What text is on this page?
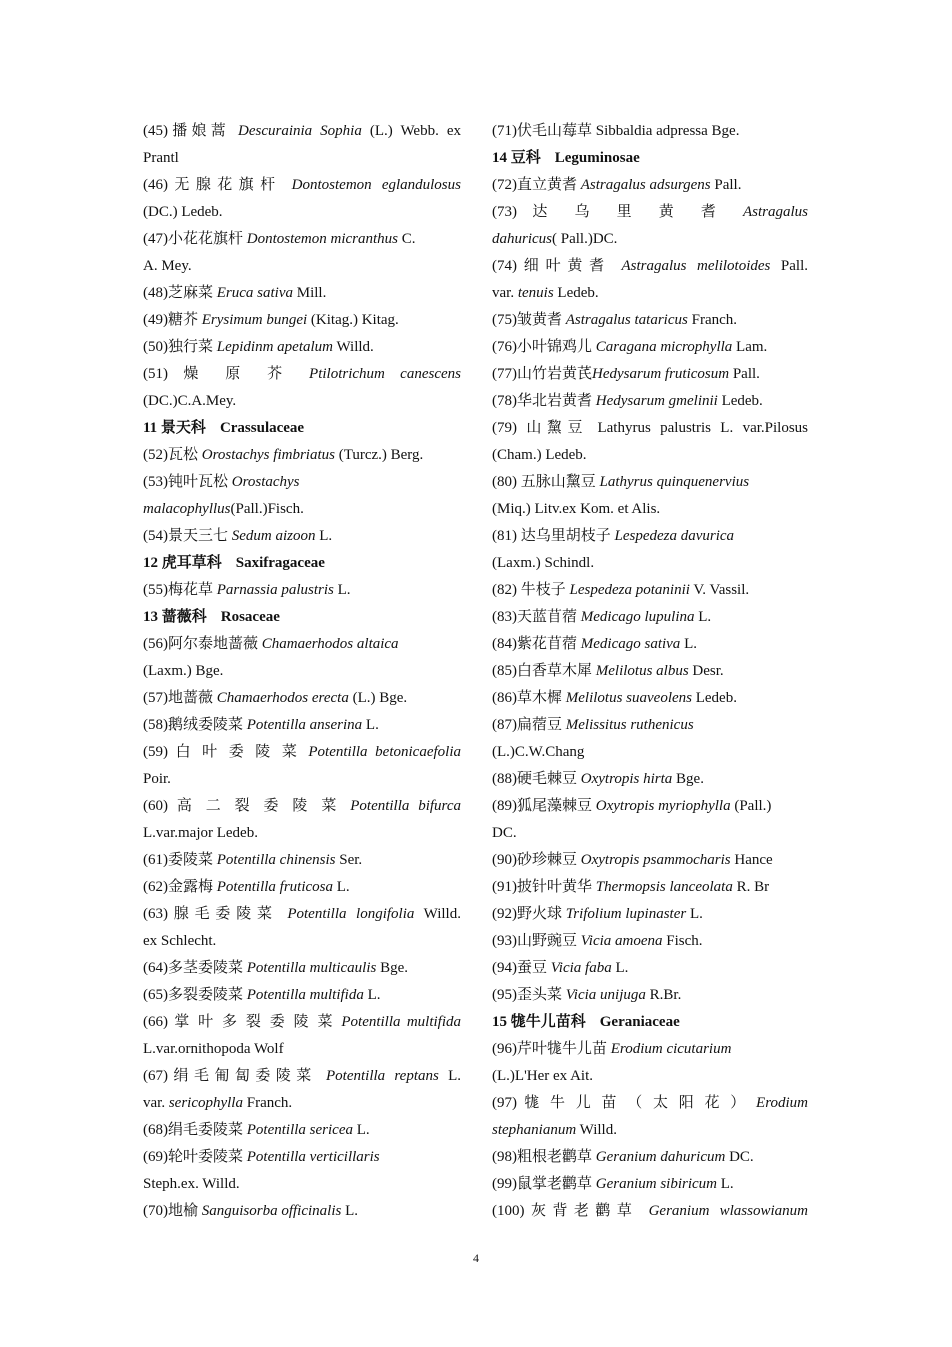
(45)播娘蒿 Descurainia Sophia (L.) Webb. ex
Prantl
(46)无腺花旗杆 Dontostemon eglandulosus
(DC.) Ledeb.
(47)小花花旗杆 Dontostemon micranthus C.
A. Mey.
(48)芝麻菜 Eruca sativa Mill.
(49)糖芥 Erysimum bungei (Kitag.) Kitag.
(50)独行菜 Lepidinm apetalum Willd.
(51) 燥 原 芥 Ptilotrichum canescens
(DC.)C.A.Mey.
11 景天科 Crassulaceae
(52)瓦松 Orostachys fimbriatus (Turcz.) Berg.
(53)钝叶瓦松 Orostachys
malacophyllus(Pall.)Fisch.
(54)景天三七 Sedum aizoon L.
12 虎耳草科 Saxifragaceae
(55)梅花草 Parnassia palustris L.
13 蔷薇科 Rosaceae
(56)阿尔泰地蔷薇 Chamaerhodos altaica
(Laxm.) Bge.
(57)地蔷薇 Chamaerhodos erecta (L.) Bge.
(58)鹅绒委陵菜 Potentilla anserina L.
(59) 白 叶 委 陵 菜 Potentilla betonicaefolia
Poir.
(60) 高 二 裂 委 陵 菜 Potentilla bifurca
L.var.major Ledeb.
(61)委陵菜 Potentilla chinensis Ser.
(62)金露梅 Potentilla fruticosa L.
(63)腺毛委陵菜 Potentilla longifolia Willd.
ex Schlecht.
(64)多茎委陵菜 Potentilla multicaulis Bge.
(65)多裂委陵菜 Potentilla multifida L.
(66) 掌 叶 多 裂 委 陵 菜 Potentilla multifida
L.var.ornithopoda Wolf
(67)绢毛匍匐委陵菜 Potentilla reptans L.
var. sericophylla Franch.
(68)绢毛委陵菜 Potentilla sericea L.
(69)轮叶委陵菜 Potentilla verticillaris
Steph.ex. Willd.
(70)地榆 Sanguisorba officinalis L.
(71)伏毛山莓草 Sibbaldia adpressa Bge.
14 豆科 Leguminosae
(72)直立黄耆 Astragalus adsurgens Pall.
(73) 达 乌 里 黄 耆 Astragalus
dahuricus( Pall.)DC.
(74)细叶黄耆 Astragalus melilotoides Pall.
var. tenuis Ledeb.
(75)皱黄耆 Astragalus tataricus Franch.
(76)小叶锦鸡儿 Caragana microphylla Lam.
(77)山竹岩黄芪Hedysarum fruticosum Pall.
(78)华北岩黄耆 Hedysarum gmelinii Ledeb.
(79) 山黧豆 Lathyrus palustris L. var.Pilosus
(Cham.) Ledeb.
(80) 五脉山黧豆 Lathyrus quinquenervius
(Miq.) Litv.ex Kom. et Alis.
(81) 达乌里胡枝子 Lespedeza davurica
(Laxm.) Schindl.
(82) 牛枝子 Lespedeza potaninii V. Vassil.
(83)天蓝苜蓿 Medicago lupulina L.
(84)紫花苜蓿 Medicago sativa L.
(85)白香草木犀 Melilotus albus Desr.
(86)草木樨 Melilotus suaveolens Ledeb.
(87)扁蓿豆 Melissitus ruthenicus
(L.)C.W.Chang
(88)硬毛棘豆 Oxytropis hirta Bge.
(89)狐尾藻棘豆 Oxytropis myriophylla (Pall.)
DC.
(90)砂珍棘豆 Oxytropis psammocharis Hance
(91)披针叶黄华 Thermopsis lanceolata R. Br
(92)野火球 Trifolium lupinaster L.
(93)山野豌豆 Vicia amoena Fisch.
(94)蚕豆 Vicia faba L.
(95)歪头菜 Vicia unijuga R.Br.
15 牻牛儿苗科 Geraniaceae
(96)芹叶牻牛儿苗 Erodium cicutarium
(L.)L'Her ex Ait.
(97) 牻 牛 儿 苗 （ 太 阳 花 ） Erodium
stephanianum Willd.
(98)粗根老鹳草 Geranium dahuricum DC.
(99)鼠掌老鹳草 Geranium sibiricum L.
(100)灰背老鹳草 Geranium wlassowianum
4
